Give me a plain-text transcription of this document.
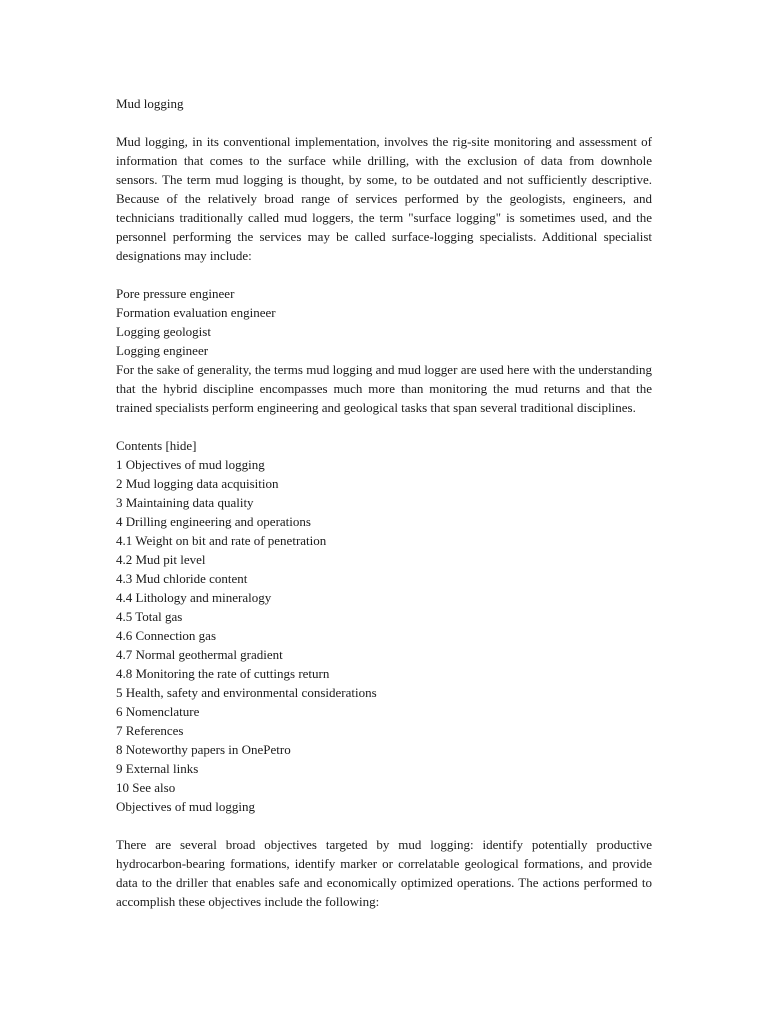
Mud logging

Mud logging, in its conventional implementation, involves the rig-site monitoring and assessment of information that comes to the surface while drilling, with the exclusion of data from downhole sensors. The term mud logging is thought, by some, to be outdated and not sufficiently descriptive. Because of the relatively broad range of services performed by the geologists, engineers, and technicians traditionally called mud loggers, the term "surface logging" is sometimes used, and the personnel performing the services may be called surface-logging specialists. Additional specialist designations may include:

Pore pressure engineer
Formation evaluation engineer
Logging geologist
Logging engineer

For the sake of generality, the terms mud logging and mud logger are used here with the understanding that the hybrid discipline encompasses much more than monitoring the mud returns and that the trained specialists perform engineering and geological tasks that span several traditional disciplines.

Contents [hide]

1 Objectives of mud logging
2 Mud logging data acquisition
3 Maintaining data quality
4 Drilling engineering and operations
4.1 Weight on bit and rate of penetration
4.2 Mud pit level
4.3 Mud chloride content
4.4 Lithology and mineralogy
4.5 Total gas
4.6 Connection gas
4.7 Normal geothermal gradient
4.8 Monitoring the rate of cuttings return
5 Health, safety and environmental considerations
6 Nomenclature
7 References
8 Noteworthy papers in OnePetro
9 External links
10 See also

Objectives of mud logging

There are several broad objectives targeted by mud logging: identify potentially productive hydrocarbon-bearing formations, identify marker or correlatable geological formations, and provide data to the driller that enables safe and economically optimized operations. The actions performed to accomplish these objectives include the following:
